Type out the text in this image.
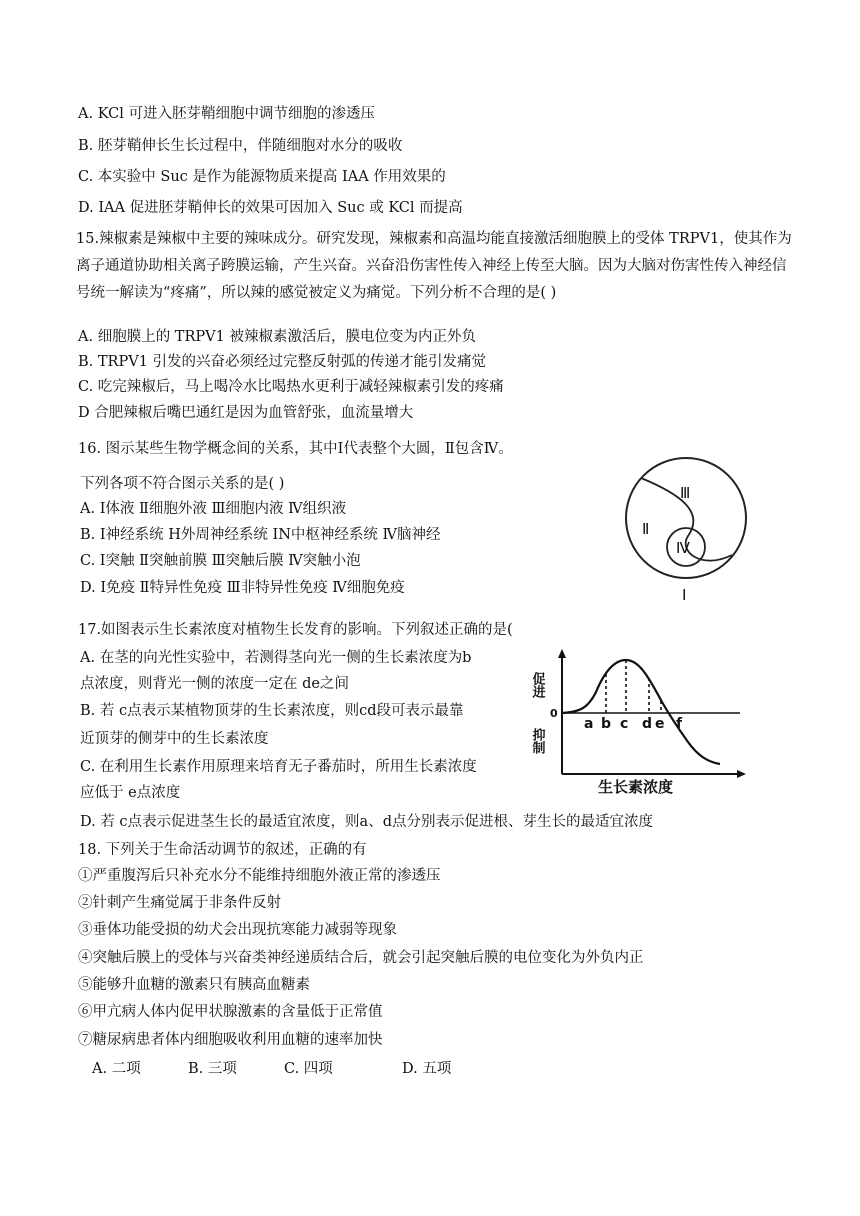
A. KCl 可进入胚芽鞘细胞中调节细胞的渗透压
B. 胚芽鞘伸长生长过程中，伴随细胞对水分的吸收
C. 本实验中 Suc 是作为能源物质来提高 IAA 作用效果的
D. IAA 促进胚芽鞘伸长的效果可因加入 Suc 或 KCl 而提高
15.辣椒素是辣椒中主要的辣味成分。研究发现，辣椒素和高温均能直接激活细胞膜上的受体 TRPV1，使其作为离子通道协助相关离子跨膜运输，产生兴奋。兴奋沿伤害性传入神经上传至大脑。因为大脑对伤害性传入神经信号统一解读为“疼痛”，所以辣的感觉被定义为痛觉。下列分析不合理的是( )
A. 细胞膜上的 TRPV1 被辣椒素激活后，膜电位变为内正外负
B. TRPV1 引发的兴奋必须经过完整反射弧的传递才能引发痛觉
C. 吃完辣椒后，马上喝冷水比喝热水更利于减轻辣椒素引发的疼痛
D 合肥辣椒后嘴巴通红是因为血管舒张，血流量增大
16. 图示某些生物学概念间的关系，其中Ⅰ代表整个大圆，Ⅱ包含Ⅳ。
下列各项不符合图示关系的是( )
A. Ⅰ体液 Ⅱ细胞外液 Ⅲ细胞内液 Ⅳ组织液
B. Ⅰ神经系统 H外周神经系统 IN中枢神经系统 Ⅳ脑神经
C. Ⅰ突触 Ⅱ突触前膜 Ⅲ突触后膜 Ⅳ突触小泡
D. Ⅰ免疫 Ⅱ特异性免疫 Ⅲ非特异性免疫 Ⅳ细胞免疫
Ⅲ
Ⅱ
Ⅳ
Ⅰ
17.如图表示生长素浓度对植物生长发育的影响。下列叙述正确的是(
A. 在茎的向光性实验中，若测得茎向光一侧的生长素浓度为b
点浓度，则背光一侧的浓度一定在 de之间
B. 若 c点表示某植物顶芽的生长素浓度，则cd段可表示最靠
近顶芽的侧芽中的生长素浓度
C. 在利用生长素作用原理来培育无子番茄时，所用生长素浓度
应低于 e点浓度
D. 若 c点表示促进茎生长的最适宜浓度，则a、d点分别表示促进根、芽生长的最适宜浓度
促进
0
抑制
a b c d e f
生长素浓度
18. 下列关于生命活动调节的叙述，正确的有
①严重腹泻后只补充水分不能维持细胞外液正常的渗透压
②针刺产生痛觉属于非条件反射
③垂体功能受损的幼犬会出现抗寒能力减弱等现象
④突触后膜上的受体与兴奋类神经递质结合后，就会引起突触后膜的电位变化为外负内正
⑤能够升血糖的激素只有胰高血糖素
⑥甲亢病人体内促甲状腺激素的含量低于正常值
⑦糖尿病患者体内细胞吸收利用血糖的速率加快
A. 二项	B. 三项	C. 四项	D. 五项
